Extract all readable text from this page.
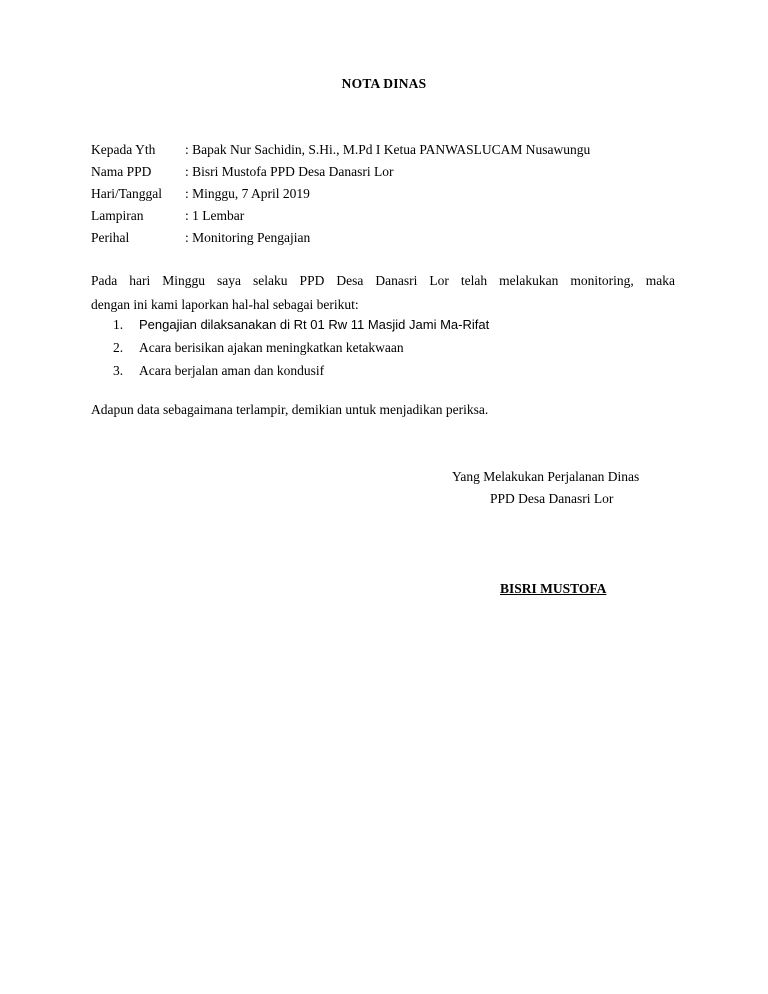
NOTA DINAS
Kepada Yth	: Bapak Nur Sachidin, S.Hi., M.Pd I Ketua PANWASLUCAM Nusawungu
Nama PPD	: Bisri Mustofa PPD Desa Danasri Lor
Hari/Tanggal	: Minggu, 7 April 2019
Lampiran	: 1 Lembar
Perihal	: Monitoring Pengajian
Pada hari Minggu saya selaku PPD Desa Danasri Lor telah melakukan monitoring, maka
dengan ini kami laporkan hal-hal sebagai berikut:
1.	Pengajian dilaksanakan di Rt 01 Rw 11 Masjid Jami Ma-Rifat
2.	Acara berisikan ajakan meningkatkan ketakwaan
3.	Acara berjalan aman dan kondusif
Adapun data sebagaimana terlampir, demikian untuk menjadikan periksa.
Yang Melakukan Perjalanan Dinas
PPD Desa Danasri Lor
BISRI MUSTOFA
